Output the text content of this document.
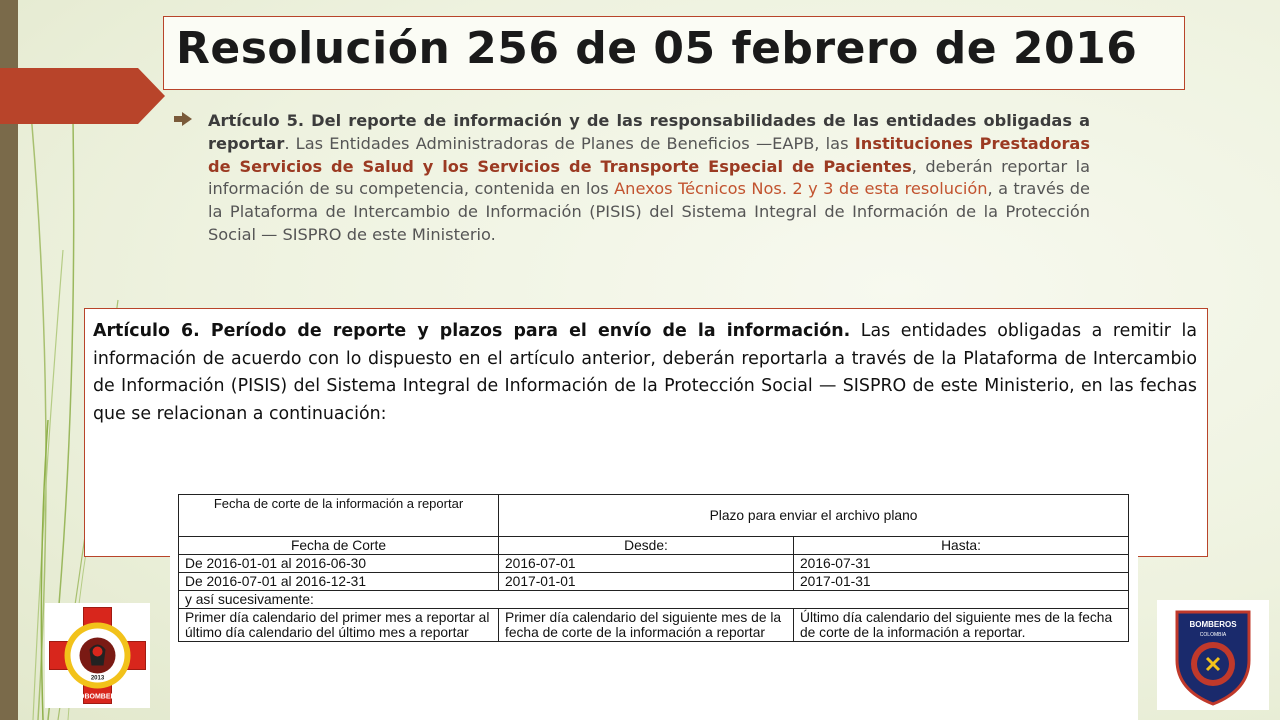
Resolución 256 de 05 febrero de 2016
Artículo 5. Del reporte de información y de las responsabilidades de las entidades obligadas a reportar. Las Entidades Administradoras de Planes de Beneficios —EAPB, las Instituciones Prestadoras de Servicios de Salud y los Servicios de Transporte Especial de Pacientes, deberán reportar la información de su competencia, contenida en los Anexos Técnicos Nos. 2 y 3 de esta resolución, a través de la Plataforma de Intercambio de Información (PISIS) del Sistema Integral de Información de la Protección Social — SISPRO de este Ministerio.
Artículo 6. Período de reporte y plazos para el envío de la información. Las entidades obligadas a remitir la información de acuerdo con lo dispuesto en el artículo anterior, deberán reportarla a través de la Plataforma de Intercambio de Información (PISIS) del Sistema Integral de Información de la Protección Social — SISPRO de este Ministerio, en las fechas que se relacionan a continuación:
Fecha de corte de la información a reportar	Plazo para enviar el archivo plano	
Fecha de Corte	Desde:	Hasta:
De 2016-01-01 al 2016-06-30	2016-07-01	2016-07-31
De 2016-07-01 al 2016-12-31	2017-01-01	2017-01-31
y así sucesivamente:		
Primer día calendario del primer mes a reportar al último día calendario del último mes a reportar	Primer día calendario del siguiente mes de la fecha de corte de la información a reportar	Último día calendario del siguiente mes de la fecha de corte de la información a reportar.
2013
ASOBOMBEROS
BOMBEROS
COLOMBIA
